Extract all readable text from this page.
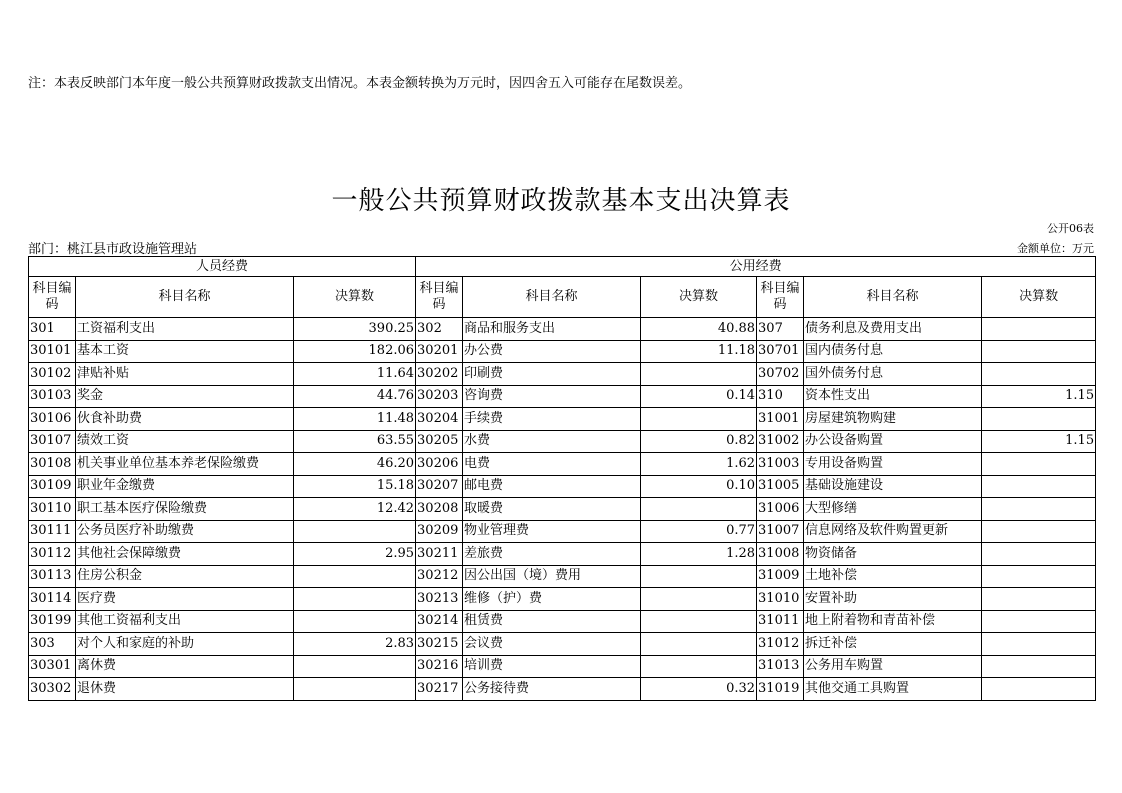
注：本表反映部门本年度一般公共预算财政拨款支出情况。本表金额转换为万元时，因四舍五入可能存在尾数误差。
一般公共预算财政拨款基本支出决算表
公开06表
部门：桃江县市政设施管理站	金额单位：万元
人员经费			公用经费					
科目编码	科目名称	决算数	科目编码	科目名称	决算数	科目编码	科目名称	决算数
301	工资福利支出	390.25	302	商品和服务支出	40.88	307	债务利息及费用支出	
30101	基本工资	182.06	30201	办公费	11.18	30701	国内债务付息	
30102	津贴补贴	11.64	30202	印刷费		30702	国外债务付息	
30103	奖金	44.76	30203	咨询费	0.14	310	资本性支出	1.15
30106	伙食补助费	11.48	30204	手续费		31001	房屋建筑物购建	
30107	绩效工资	63.55	30205	水费	0.82	31002	办公设备购置	1.15
30108	机关事业单位基本养老保险缴费	46.20	30206	电费	1.62	31003	专用设备购置	
30109	职业年金缴费	15.18	30207	邮电费	0.10	31005	基础设施建设	
30110	职工基本医疗保险缴费	12.42	30208	取暖费		31006	大型修缮	
30111	公务员医疗补助缴费		30209	物业管理费	0.77	31007	信息网络及软件购置更新	
30112	其他社会保障缴费	2.95	30211	差旅费	1.28	31008	物资储备	
30113	住房公积金		30212	因公出国（境）费用		31009	土地补偿	
30114	医疗费		30213	维修（护）费		31010	安置补助	
30199	其他工资福利支出		30214	租赁费		31011	地上附着物和青苗补偿	
303	对个人和家庭的补助	2.83	30215	会议费		31012	拆迁补偿	
30301	离休费		30216	培训费		31013	公务用车购置	
30302	退休费		30217	公务接待费	0.32	31019	其他交通工具购置	
